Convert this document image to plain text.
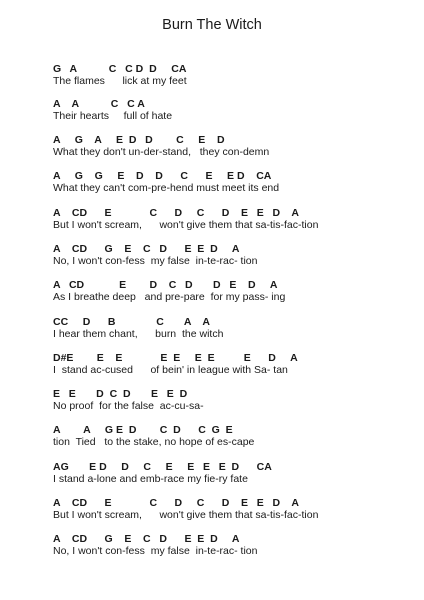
Burn The Witch
G   A           C   C D  D     CA
The flames      lick at my feet
A    A           C   C A
Their hearts     full of hate
A     G    A     E  D   D        C     E    D
What they don't un-der-stand,   they con-demn
A     G    G     E    D    D      C      E     E D    CA
What they can't com-pre-hend must meet its end
A    CD      E             C      D     C      D    E   E   D    A
But I won't scream,      won't give them that sa-tis-fac-tion
A    CD      G    E    C   D      E  E  D     A
No, I won't con-fess  my false  in-te-rac- tion
A   CD            E        D    C   D       D   E    D     A
As I breathe deep   and pre-pare  for my pass- ing
CC     D      B              C       A    A
I hear them chant,      burn  the witch
D#E        E    E             E  E     E  E          E      D     A
I  stand ac-cused      of bein' in league with Sa- tan
E   E       D  C  D       E   E  D
No proof  for the false  ac-cu-sa-
A        A     G E  D        C  D      C  G  E
tion  Tied   to the stake, no hope of es-cape
AG       E D     D     C     E     E   E   E  D      CA
I stand a-lone and emb-race my fie-ry fate
A    CD      E             C      D     C      D    E   E   D    A
But I won't scream,      won't give them that sa-tis-fac-tion
A    CD      G    E    C   D      E  E  D     A
No, I won't con-fess  my false  in-te-rac- tion
